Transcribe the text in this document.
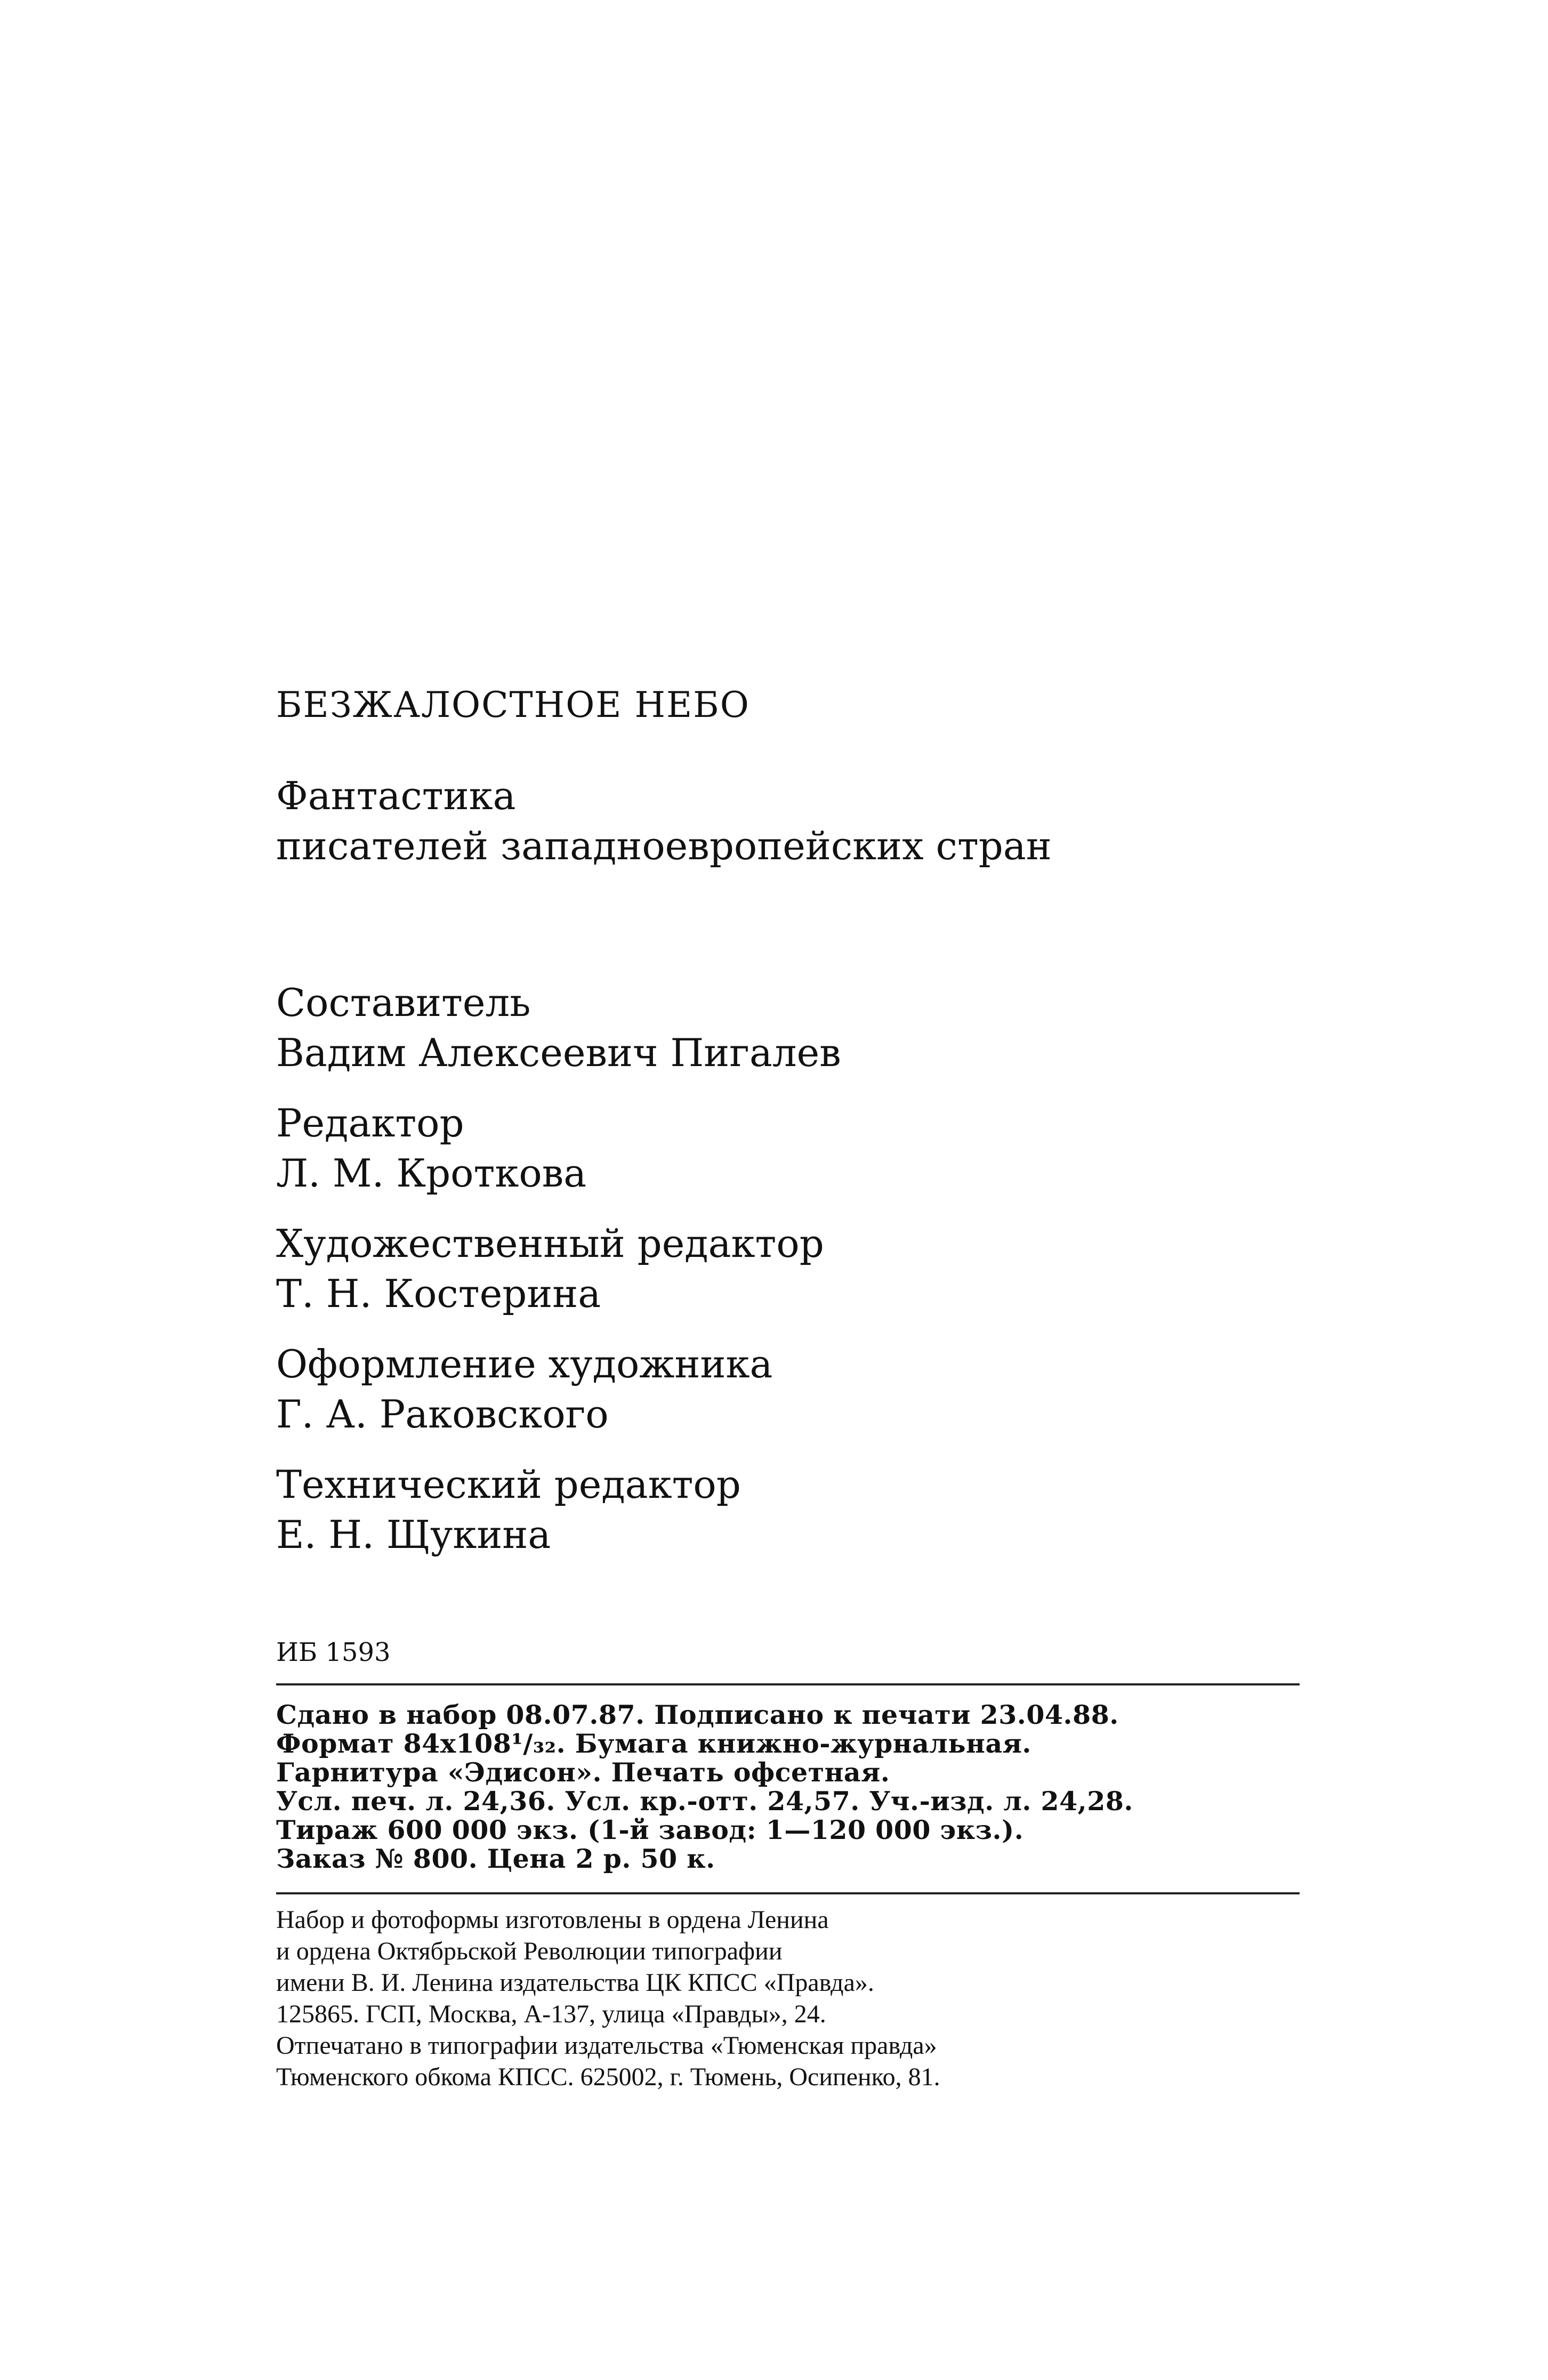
БЕЗЖАЛОСТНОЕ НЕБО
Фантастика
писателей западноевропейских стран
Составитель
Вадим Алексеевич Пигалев
Редактор
Л. М. Кроткова
Художественный редактор
Т. Н. Костерина
Оформление художника
Г. А. Раковского
Технический редактор
Е. Н. Щукина
ИБ 1593
Сдано в набор 08.07.87. Подписано к печати 23.04.88.
Формат 84x108¹/₃₂. Бумага книжно-журнальная.
Гарнитура «Эдисон». Печать офсетная.
Усл. печ. л. 24,36. Усл. кр.-отт. 24,57. Уч.-изд. л. 24,28.
Тираж 600 000 экз. (1-й завод: 1—120 000 экз.).
Заказ № 800. Цена 2 р. 50 к.
Набор и фотоформы изготовлены в ордена Ленина
и ордена Октябрьской Революции типографии
имени В. И. Ленина издательства ЦК КПСС «Правда».
125865. ГСП, Москва, А-137, улица «Правды», 24.
Отпечатано в типографии издательства «Тюменская правда»
Тюменского обкома КПСС. 625002, г. Тюмень, Осипенко, 81.
